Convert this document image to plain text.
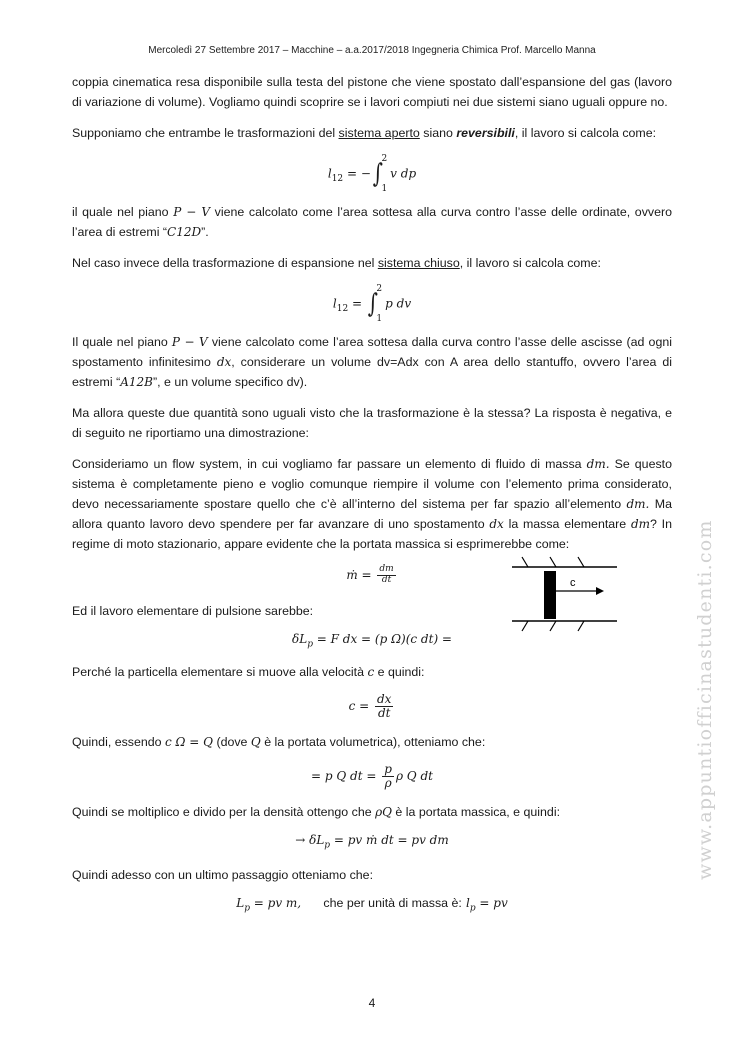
Mercoledì 27 Settembre 2017 – Macchine – a.a.2017/2018 Ingegneria Chimica Prof. Marcello Manna

coppia cinematica resa disponibile sulla testa del pistone che viene spostato dall’espansione del gas (lavoro di variazione di volume). Vogliamo quindi scoprire se i lavori compiuti nei due sistemi siano uguali oppure no.

Supponiamo che entrambe le trasformazioni del sistema aperto siano reversibili, il lavoro si calcola come:

$l_{12}$ = −∫
2
1
v dp

il quale nel piano P − V viene calcolato come l’area sottesa alla curva contro l’asse delle ordinate, ovvero l’area di estremi “C12D”.

Nel caso invece della trasformazione di espansione nel sistema chiuso, il lavoro si calcola come:

$l_{12}$ = ∫
2
1
p dv

Il quale nel piano P − V viene calcolato come l’area sottesa dalla curva contro l’asse delle ascisse (ad ogni spostamento infinitesimo dx, considerare un volume dv=Adx con A area dello stantuffo, ovvero l’area di estremi “A12B”, e un volume specifico dv).

Ma allora queste due quantità sono uguali visto che la trasformazione è la stessa? La risposta è negativa, e di seguito ne riportiamo una dimostrazione:

Consideriamo un flow system, in cui vogliamo far passare un elemento di fluido di massa dm. Se questo sistema è completamente pieno e voglio comunque riempire il volume con l’elemento prima considerato, devo necessariamente spostare quello che c’è all’interno del sistema per far spazio all’elemento dm. Ma allora quanto lavoro devo spendere per far avanzare di uno spostamento dx la massa elementare dm? In regime di moto stazionario, appare evidente che la portata massica si esprimerebbe come:

ṁ = $\frac{dm}{dt}$	c

Ed il lavoro elementare di pulsione sarebbe:

$\delta L_p = F$ dx = (p Ω)(c dt) =

Perché la particella elementare si muove alla velocità c e quindi:

$c = \frac{dx}{dt}$

Quindi, essendo c Ω = Q (dove Q è la portata volumetrica), otteniamo che:

= p Q dt = $\frac{p}{\rho}$ ρ Q dt

Quindi se moltiplico e divido per la densità ottengo che ρQ è la portata massica, e quindi:

→ $\delta L_p$ = pv ṁ dt = pv dm

Quindi adesso con un ultimo passaggio otteniamo che:

$L_p$ = pv m, che per unità di massa è: $l_p$ = pv
www.appuntiofficinastudenti.com
4
